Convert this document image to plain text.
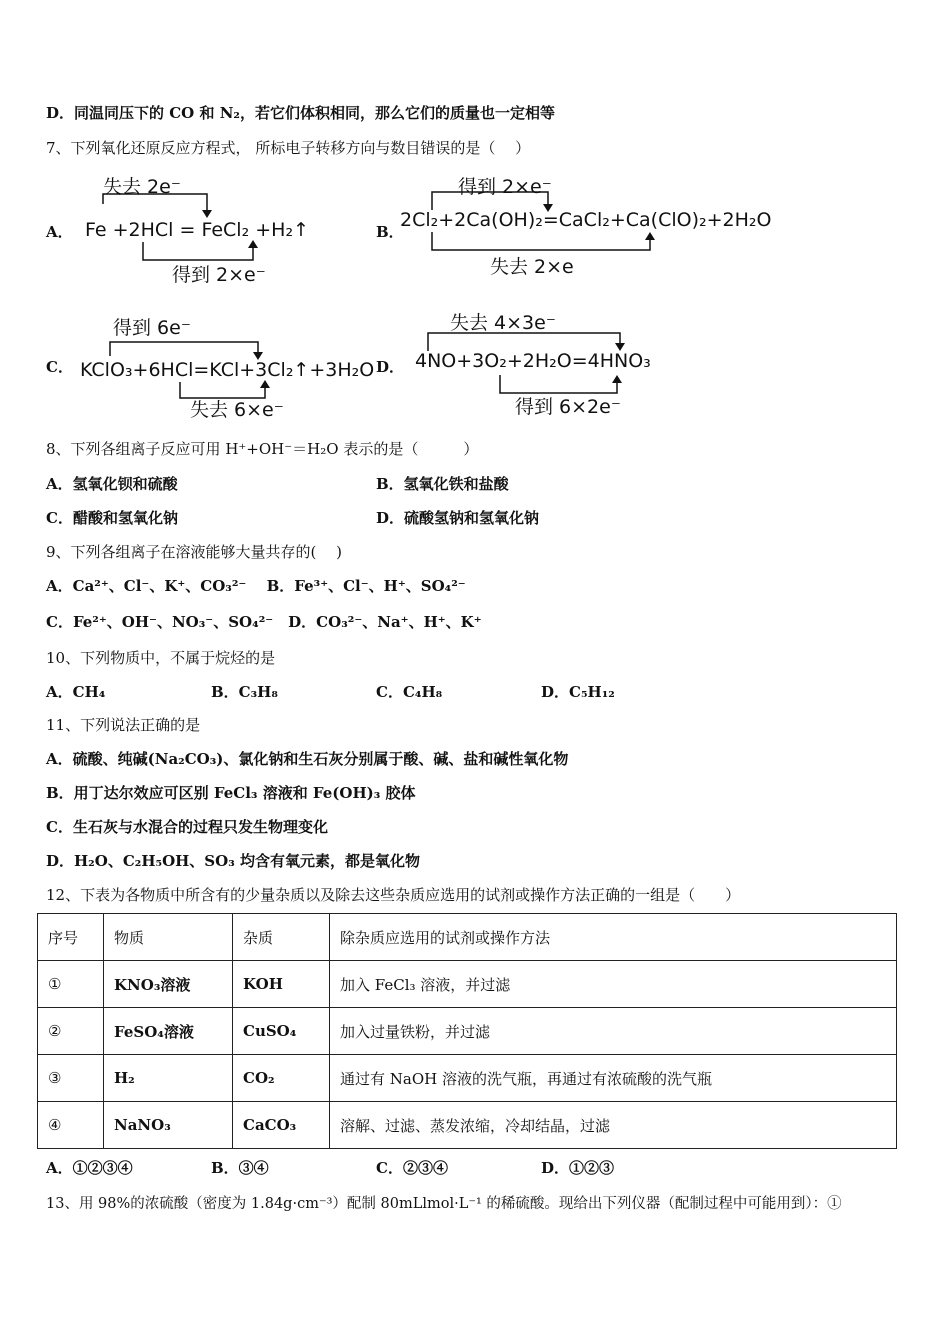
D．同温同压下的 CO 和 N₂，若它们体积相同，那么它们的质量也一定相等
7、下列氧化还原反应方程式， 所标电子转移方向与数目错误的是（　 ）
A．
失去 2e⁻
Fe +2HCl = FeCl₂ +H₂↑
得到 2×e⁻
B．
得到 2×e⁻
2Cl₂+2Ca(OH)₂=CaCl₂+Ca(ClO)₂+2H₂O
失去 2×e
C．
得到 6e⁻
KClO₃+6HCl=KCl+3Cl₂↑+3H₂O
失去 6×e⁻
D．
失去 4×3e⁻
4NO+3O₂+2H₂O=4HNO₃
得到 6×2e⁻
8、下列各组离子反应可用 H⁺+OH⁻＝H₂O 表示的是（　　　）
A．氢氧化钡和硫酸	B．氢氧化铁和盐酸
C．醋酸和氢氧化钠	D．硫酸氢钠和氢氧化钠
9、下列各组离子在溶液能够大量共存的(　 )
A．Ca²⁺、Cl⁻、K⁺、CO₃²⁻　 B．Fe³⁺、Cl⁻、H⁺、SO₄²⁻
C．Fe²⁺、OH⁻、NO₃⁻、SO₄²⁻　D．CO₃²⁻、Na⁺、H⁺、K⁺
10、下列物质中，不属于烷烃的是
A．CH₄	B．C₃H₈	C．C₄H₈	D．C₅H₁₂
11、下列说法正确的是
A．硫酸、纯碱(Na₂CO₃)、氯化钠和生石灰分别属于酸、碱、盐和碱性氧化物
B．用丁达尔效应可区别 FeCl₃ 溶液和 Fe(OH)₃ 胶体
C．生石灰与水混合的过程只发生物理变化
D．H₂O、C₂H₅OH、SO₃ 均含有氧元素，都是氧化物
12、下表为各物质中所含有的少量杂质以及除去这些杂质应选用的试剂或操作方法正确的一组是（　　）
序号	物质	杂质	除杂质应选用的试剂或操作方法
①	KNO₃溶液	KOH	加入 FeCl₃ 溶液，并过滤
②	FeSO₄溶液	CuSO₄	加入过量铁粉，并过滤
③	H₂	CO₂	通过有 NaOH 溶液的洗气瓶，再通过有浓硫酸的洗气瓶
④	NaNO₃	CaCO₃	溶解、过滤、蒸发浓缩，冷却结晶，过滤
A．①②③④	B．③④	C．②③④	D．①②③
13、用 98%的浓硫酸（密度为 1.84g·cm⁻³）配制 80mLlmol·L⁻¹ 的稀硫酸。现给出下列仪器（配制过程中可能用到）：①
